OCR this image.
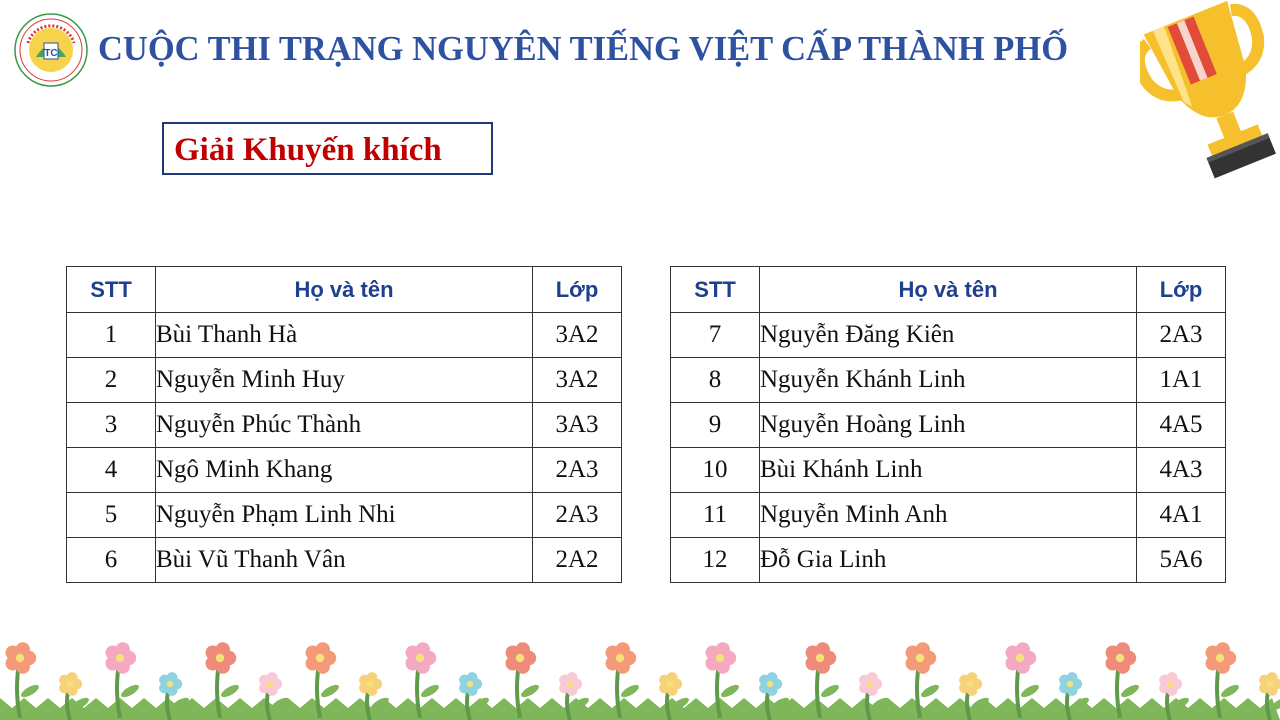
TC CUỘC THI TRẠNG NGUYÊN TIẾNG VIỆT CẤP THÀNH PHỐ
Giải Khuyến khích
STT	Họ và tên	Lớp
1	Bùi Thanh Hà	3A2
2	Nguyễn Minh Huy	3A2
3	Nguyễn Phúc Thành	3A3
4	Ngô Minh Khang	2A3
5	Nguyễn Phạm Linh Nhi	2A3
6	Bùi Vũ Thanh Vân	2A2
STT	Họ và tên	Lớp
7	Nguyễn Đăng Kiên	2A3
8	Nguyễn Khánh Linh	1A1
9	Nguyễn Hoàng Linh	4A5
10	Bùi Khánh Linh	4A3
11	Nguyễn Minh Anh	4A1
12	Đỗ Gia Linh	5A6
